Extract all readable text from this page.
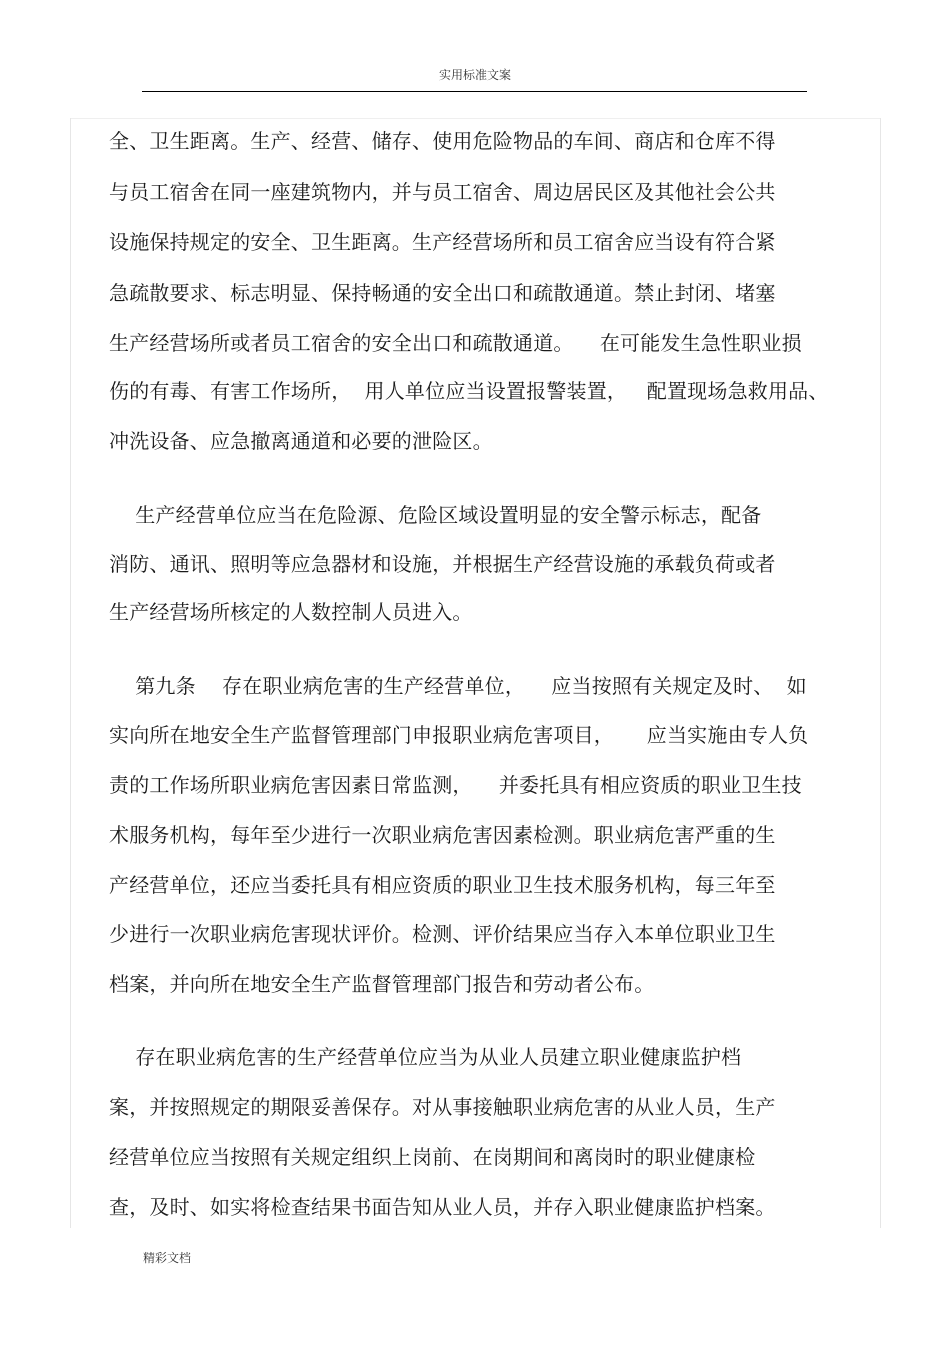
实用标准文案
全、卫生距离。生产、经营、储存、使用危险物品的车间、商店和仓库不得
与员工宿舍在同一座建筑物内，并与员工宿舍、周边居民区及其他社会公共
设施保持规定的安全、卫生距离。生产经营场所和员工宿舍应当设有符合紧
急疏散要求、标志明显、保持畅通的安全出口和疏散通道。禁止封闭、堵塞
生产经营场所或者员工宿舍的安全出口和疏散通道。    在可能发生急性职业损
伤的有毒、有害工作场所，  用人单位应当设置报警装置，   配置现场急救用品、
冲洗设备、应急撤离通道和必要的泄险区。
生产经营单位应当在危险源、危险区域设置明显的安全警示标志，配备
消防、通讯、照明等应急器材和设施，并根据生产经营设施的承载负荷或者
生产经营场所核定的人数控制人员进入。
第九条    存在职业病危害的生产经营单位，    应当按照有关规定及时、  如
实向所在地安全生产监督管理部门申报职业病危害项目，     应当实施由专人负
责的工作场所职业病危害因素日常监测，    并委托具有相应资质的职业卫生技
术服务机构，每年至少进行一次职业病危害因素检测。职业病危害严重的生
产经营单位，还应当委托具有相应资质的职业卫生技术服务机构，每三年至
少进行一次职业病危害现状评价。检测、评价结果应当存入本单位职业卫生
档案，并向所在地安全生产监督管理部门报告和劳动者公布。
存在职业病危害的生产经营单位应当为从业人员建立职业健康监护档
案，并按照规定的期限妥善保存。对从事接触职业病危害的从业人员，生产
经营单位应当按照有关规定组织上岗前、在岗期间和离岗时的职业健康检
查，及时、如实将检查结果书面告知从业人员，并存入职业健康监护档案。
精彩文档
